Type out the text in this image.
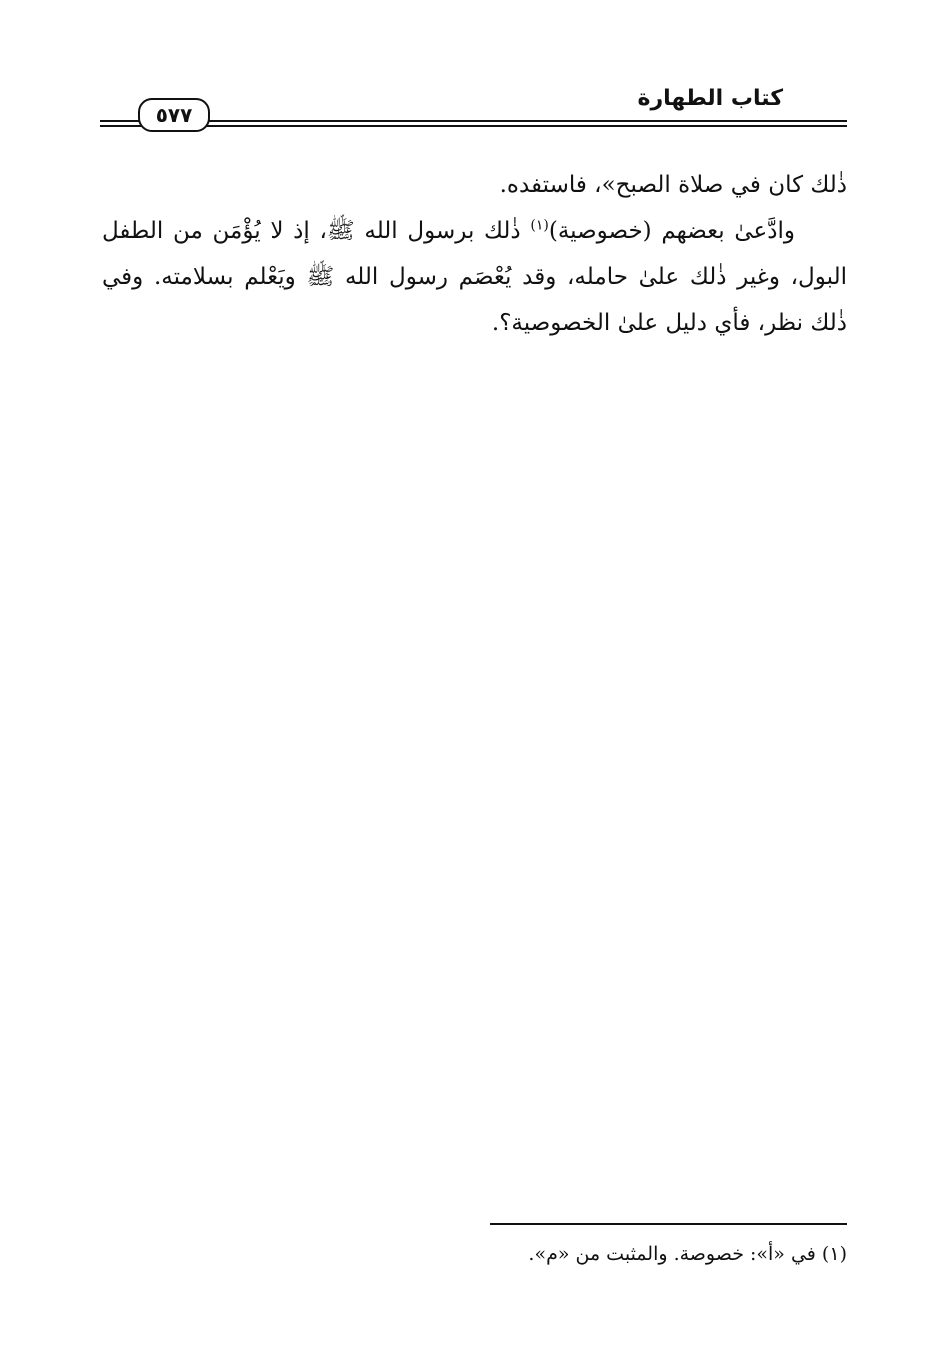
كتاب الطهارة
٥٧٧

ذٰلك كان في صلاة الصبح»، فاستفده.

وادَّعىٰ بعضهم (خصوصية)$^{(١)}$ ذٰلك برسول الله ﷺ، إذ لا يُؤْمَن من الطفل البول، وغير ذٰلك علىٰ حامله، وقد يُعْصَم رسول الله ﷺ ويَعْلم بسلامته. وفي ذٰلك نظر، فأي دليل علىٰ الخصوصية؟.

(١) في «أ»: خصوصة. والمثبت من «م».
